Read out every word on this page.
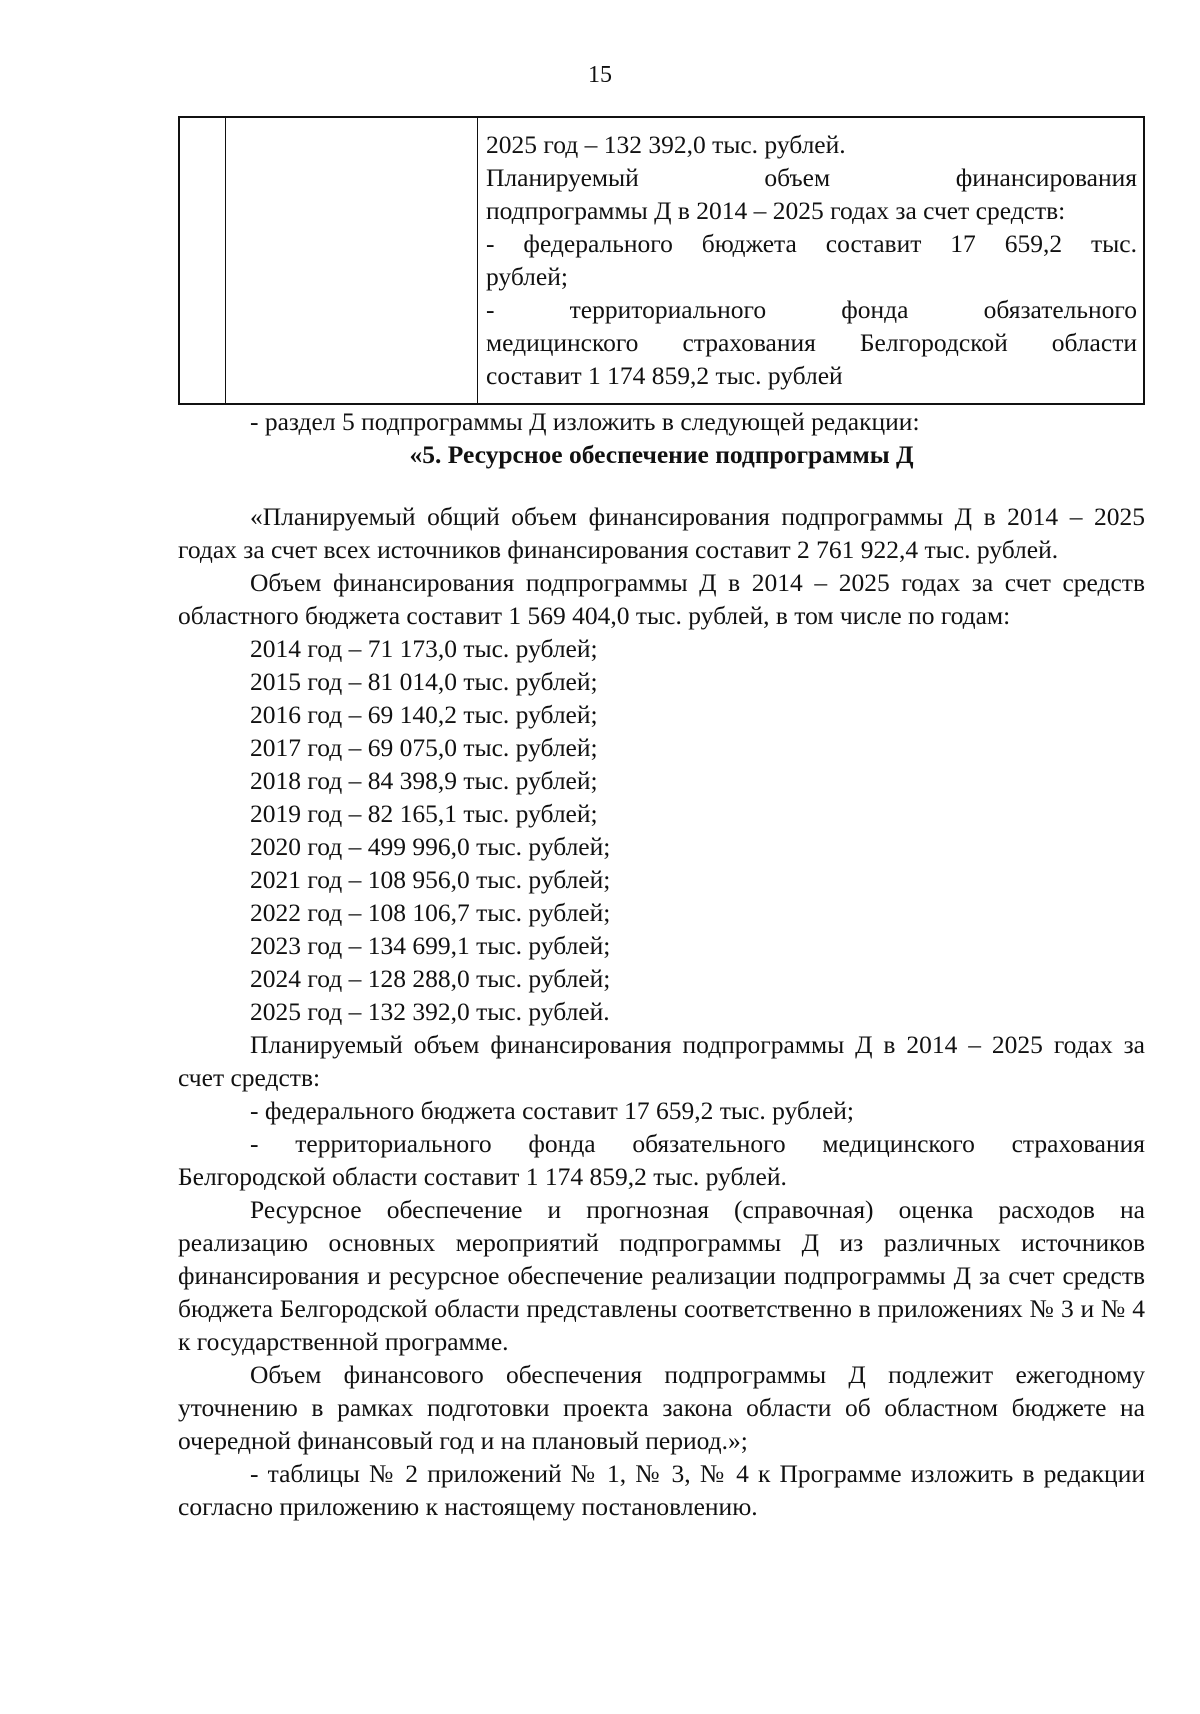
15

2025 год – 132 392,0 тыс. рублей.

Планируемый объем финансирования

подпрограммы Д в 2014 – 2025 годах за счет средств:

- федерального бюджета составит 17 659,2 тыс.

рублей;

- территориального фонда обязательного

медицинского страхования Белгородской области

составит 1 174 859,2 тыс. рублей

- раздел 5 подпрограммы Д изложить в следующей редакции:

«5. Ресурсное обеспечение подпрограммы Д

«Планируемый общий объем финансирования подпрограммы Д в 2014 – 2025 годах за счет всех источников финансирования составит 2 761 922,4 тыс. рублей.

Объем финансирования подпрограммы Д в 2014 – 2025 годах за счет средств областного бюджета составит 1 569 404,0 тыс. рублей, в том числе по годам:

2014 год – 71 173,0 тыс. рублей;
2015 год – 81 014,0 тыс. рублей;
2016 год – 69 140,2 тыс. рублей;
2017 год – 69 075,0 тыс. рублей;
2018 год – 84 398,9 тыс. рублей;
2019 год – 82 165,1 тыс. рублей;
2020 год – 499 996,0 тыс. рублей;
2021 год – 108 956,0 тыс. рублей;
2022 год – 108 106,7 тыс. рублей;
2023 год – 134 699,1 тыс. рублей;
2024 год – 128 288,0 тыс. рублей;
2025 год – 132 392,0 тыс. рублей.

Планируемый объем финансирования подпрограммы Д в 2014 – 2025 годах за счет средств:

- федерального бюджета составит 17 659,2 тыс. рублей;

- территориального фонда обязательного медицинского страхования Белгородской области составит 1 174 859,2 тыс. рублей.

Ресурсное обеспечение и прогнозная (справочная) оценка расходов на реализацию основных мероприятий подпрограммы Д из различных источников финансирования и ресурсное обеспечение реализации подпрограммы Д за счет средств бюджета Белгородской области представлены соответственно в приложениях № 3 и № 4 к государственной программе.

Объем финансового обеспечения подпрограммы Д подлежит ежегодному уточнению в рамках подготовки проекта закона области об областном бюджете на очередной финансовый год и на плановый период.»;

- таблицы № 2 приложений № 1, № 3, № 4 к Программе изложить в редакции согласно приложению к настоящему постановлению.
